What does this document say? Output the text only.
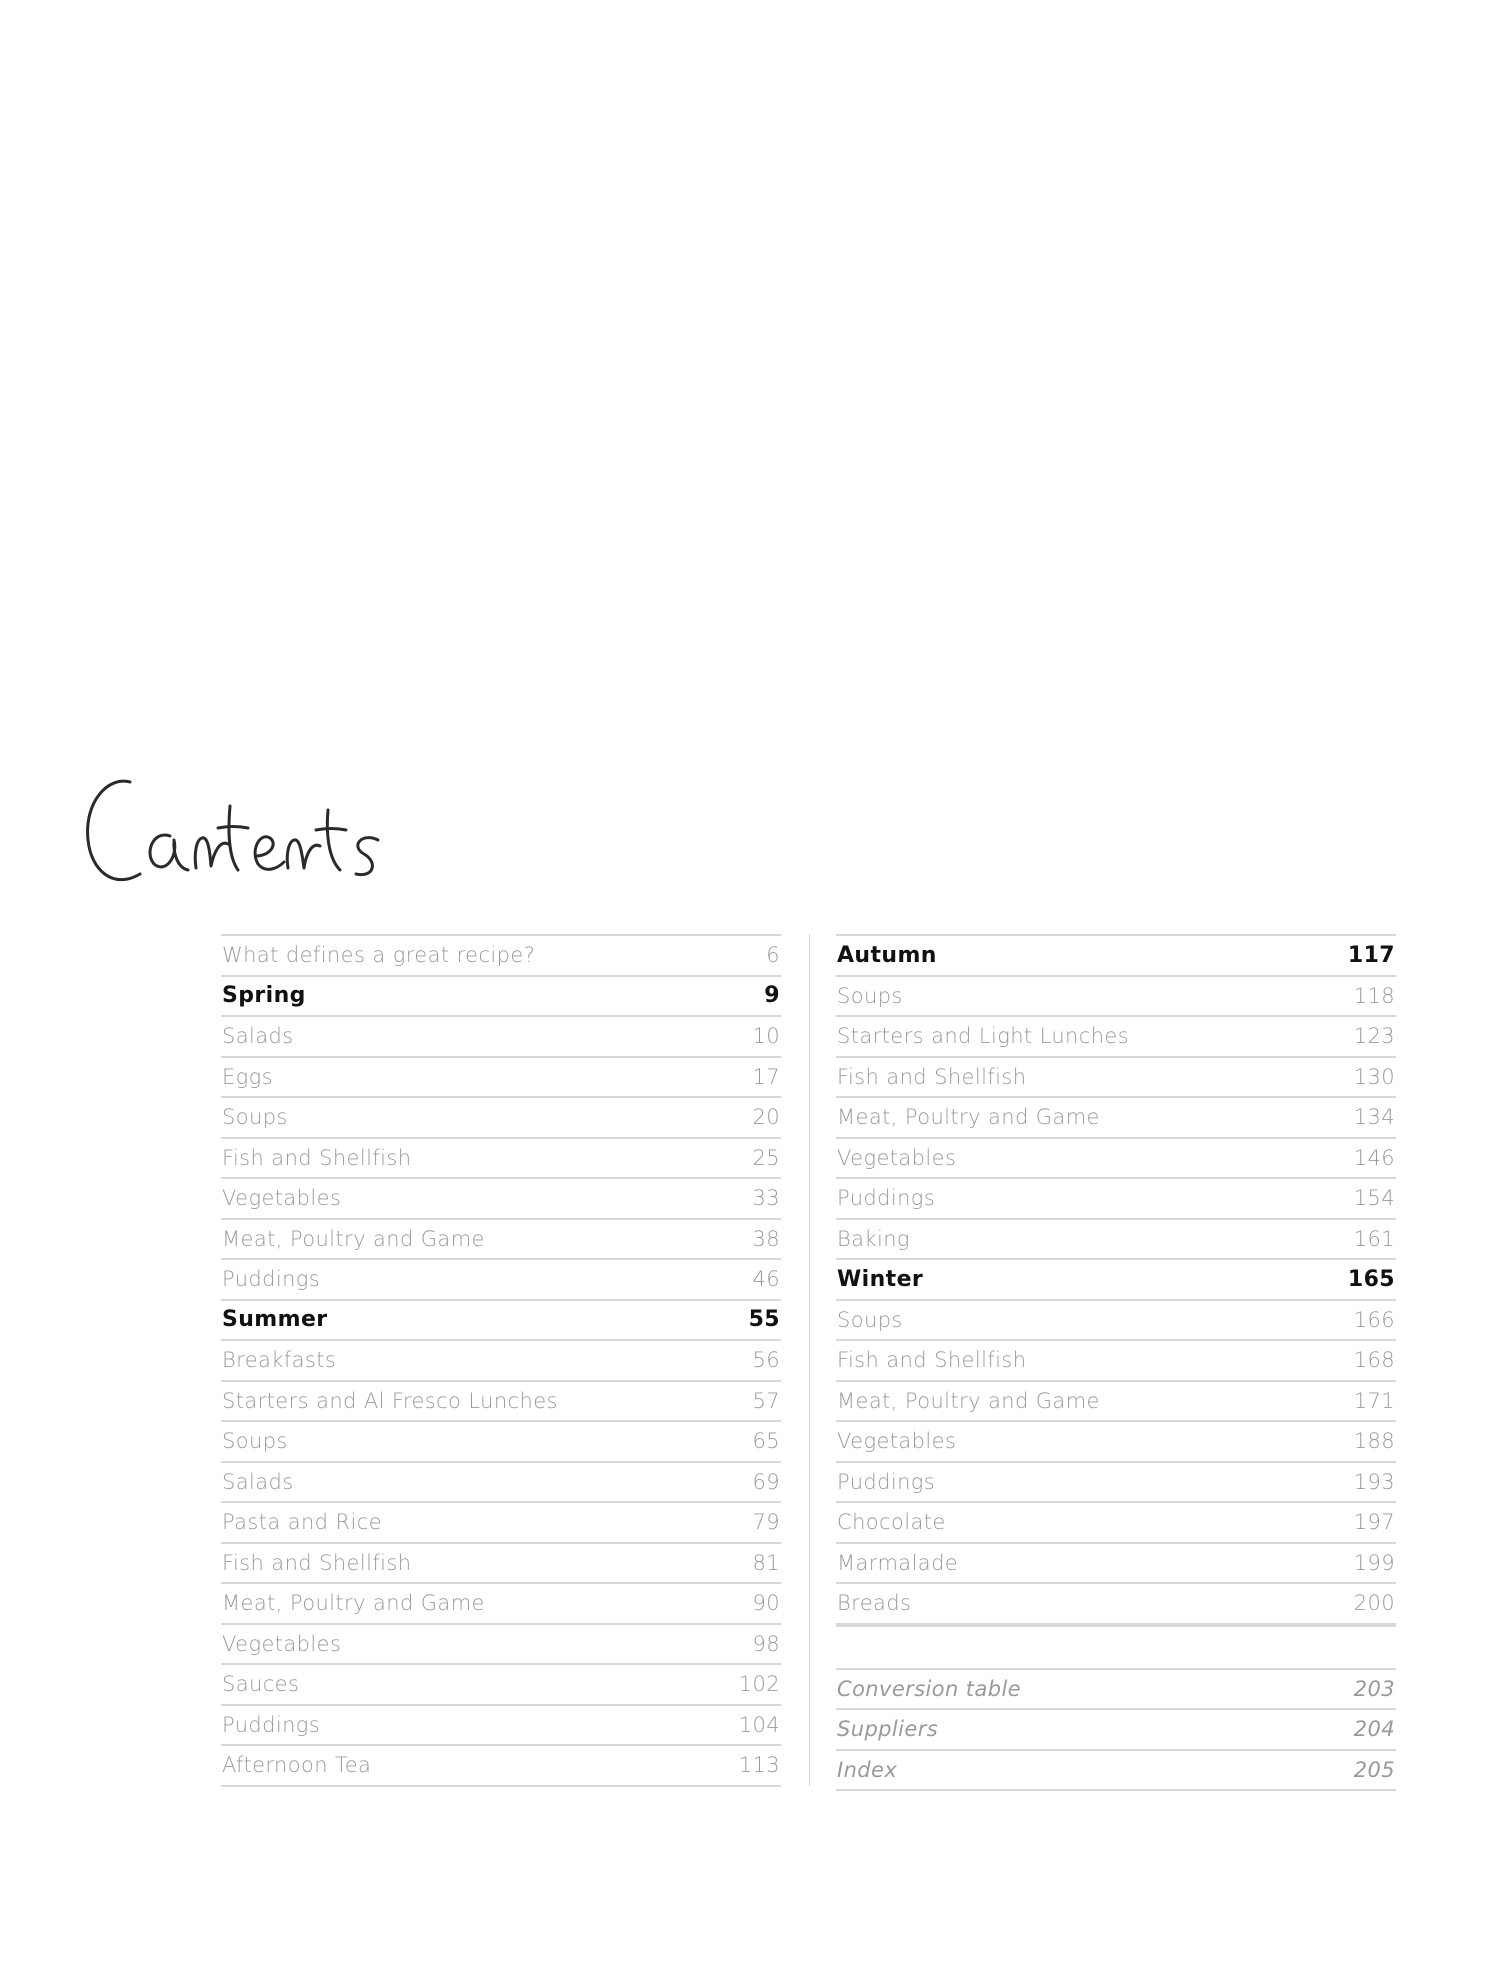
What defines a great recipe?	6
Spring	9
Salads	10
Eggs	17
Soups	20
Fish and Shellfish	25
Vegetables	33
Meat, Poultry and Game	38
Puddings	46
Summer	55
Breakfasts	56
Starters and Al Fresco Lunches	57
Soups	65
Salads	69
Pasta and Rice	79
Fish and Shellfish	81
Meat, Poultry and Game	90
Vegetables	98
Sauces	102
Puddings	104
Afternoon Tea	113
Autumn	117
Soups	118
Starters and Light Lunches	123
Fish and Shellfish	130
Meat, Poultry and Game	134
Vegetables	146
Puddings	154
Baking	161
Winter	165
Soups	166
Fish and Shellfish	168
Meat, Poultry and Game	171
Vegetables	188
Puddings	193
Chocolate	197
Marmalade	199
Breads	200
Conversion table	203
Suppliers	204
Index	205
